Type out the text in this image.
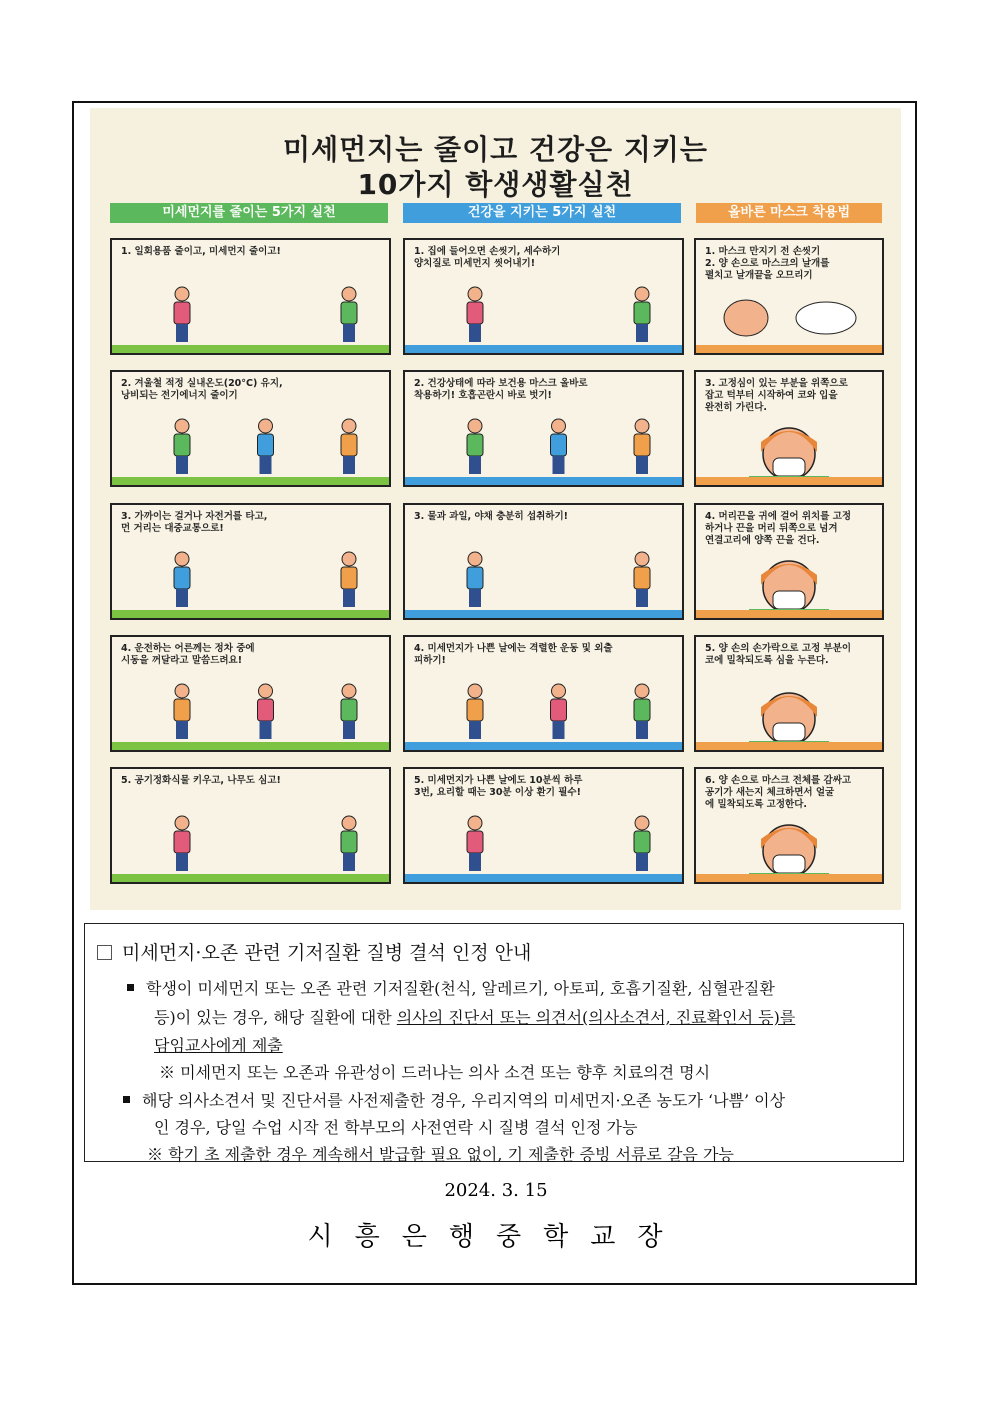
미세먼지는 줄이고 건강은 지키는
10가지 학생생활실천
미세먼지를 줄이는 5가지 실천	건강을 지키는 5가지 실천	올바른 마스크 착용법
1. 일회용품 줄이고, 미세먼지 줄이고!
2. 겨울철 적정 실내온도(20°C) 유지,
낭비되는 전기에너지 줄이기
3. 가까이는 걸거나 자전거를 타고,
먼 거리는 대중교통으로!
4. 운전하는 어른께는 정차 중에
시동을 꺼달라고 말씀드려요!
5. 공기정화식물 키우고, 나무도 심고!
1. 집에 들어오면 손씻기, 세수하기
양치질로 미세먼지 씻어내기!
2. 건강상태에 따라 보건용 마스크 올바로
착용하기! 호흡곤란시 바로 벗기!
3. 물과 과일, 야채 충분히 섭취하기!
4. 미세먼지가 나쁜 날에는 격렬한 운동 및 외출
피하기!
5. 미세먼지가 나쁜 날에도 10분씩 하루
3번, 요리할 때는 30분 이상 환기 필수!
1. 마스크 만지기 전 손씻기
2. 양 손으로 마스크의 날개를
펼치고 날개끝을 오므리기
3. 고정심이 있는 부분을 위쪽으로
잡고 턱부터 시작하여 코와 입을
완전히 가린다.
4. 머리끈을 귀에 걸어 위치를 고정
하거나 끈을 머리 뒤쪽으로 넘겨
연결고리에 양쪽 끈을 건다.
5. 양 손의 손가락으로 고정 부분이
코에 밀착되도록 심을 누른다.
6. 양 손으로 마스크 전체를 감싸고
공기가 새는지 체크하면서 얼굴
에 밀착되도록 고정한다.
미세먼지·오존 관련 기저질환 질병 결석 인정 안내
학생이 미세먼지 또는 오존 관련 기저질환(천식, 알레르기, 아토피, 호흡기질환, 심혈관질환
등)이 있는 경우, 해당 질환에 대한 의사의 진단서 또는 의견서(의사소견서, 진료확인서 등)를
담임교사에게 제출
※ 미세먼지 또는 오존과 유관성이 드러나는 의사 소견 또는 향후 치료의견 명시
해당 의사소견서 및 진단서를 사전제출한 경우, 우리지역의 미세먼지·오존 농도가 ‘나쁨’ 이상
인 경우, 당일 수업 시작 전 학부모의 사전연락 시 질병 결석 인정 가능
※ 학기 초 제출한 경우 계속해서 발급할 필요 없이, 기 제출한 증빙 서류로 갈음 가능
2024. 3. 15
시흥은행중학교장
